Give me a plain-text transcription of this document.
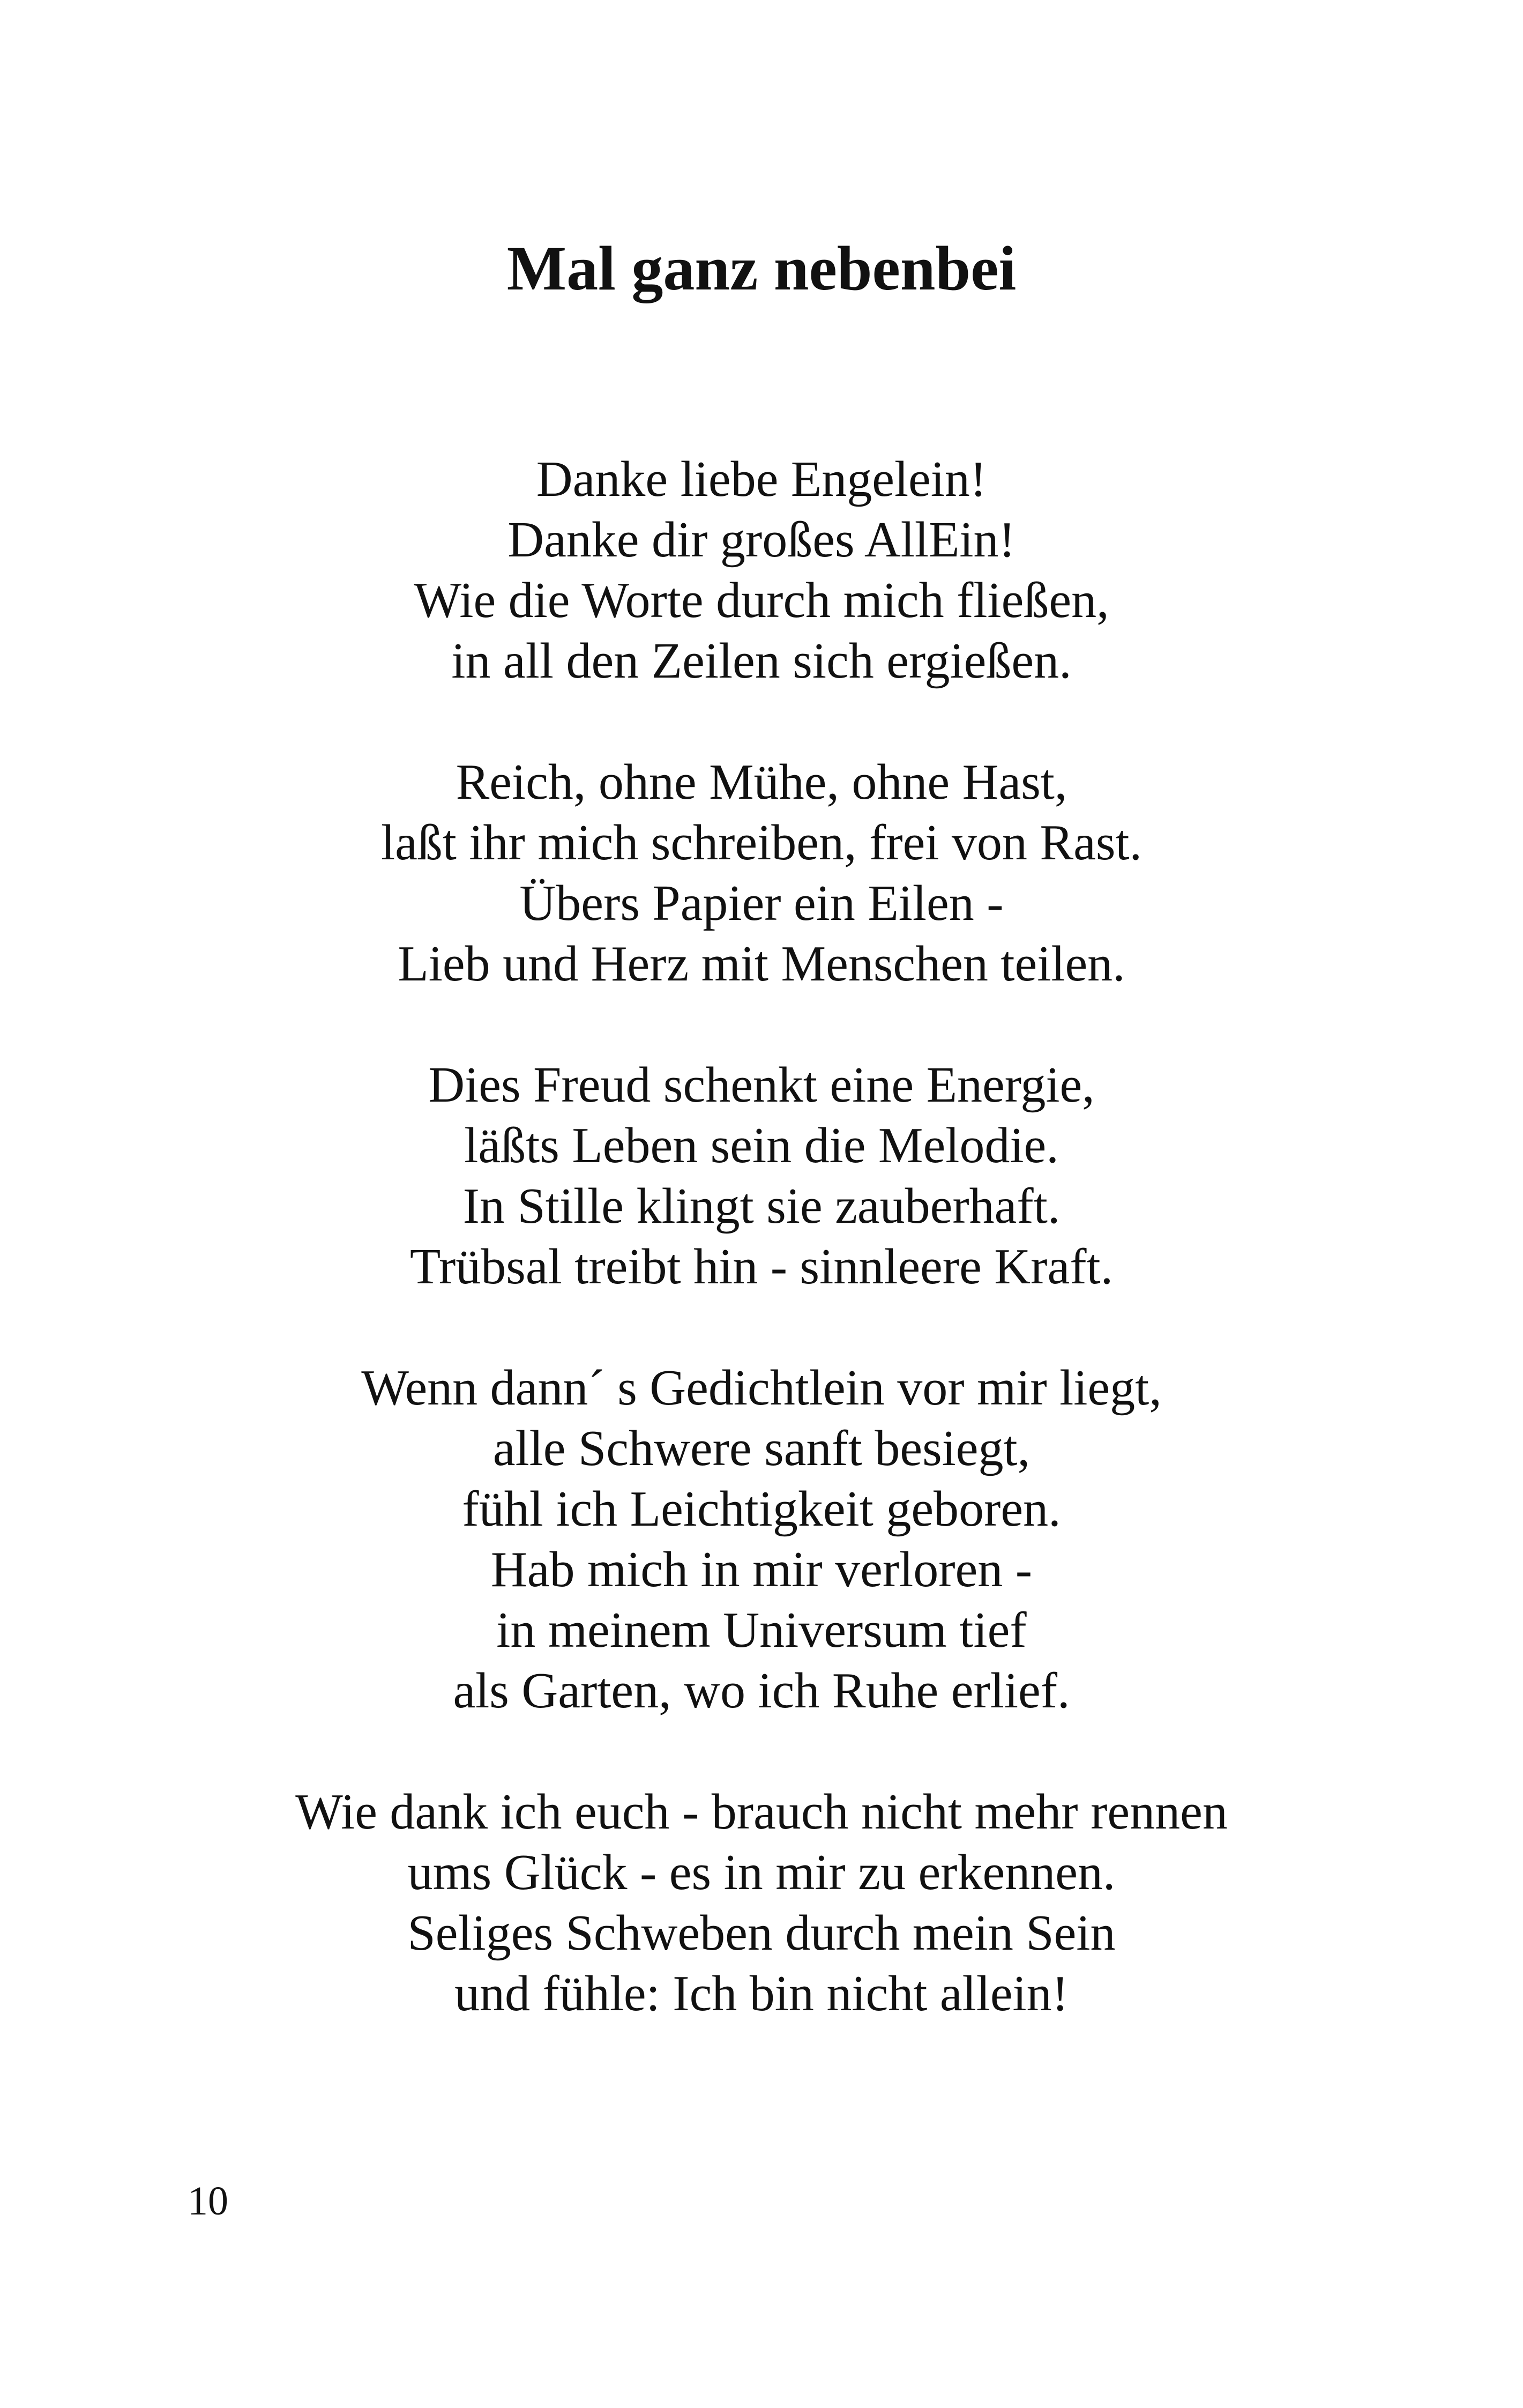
Mal ganz nebenbei
Danke liebe Engelein!
Danke dir großes AllEin!
Wie die Worte durch mich fließen,
in all den Zeilen sich ergießen.
Reich, ohne Mühe, ohne Hast,
laßt ihr mich schreiben, frei von Rast.
Übers Papier ein Eilen -
Lieb und Herz mit Menschen teilen.
Dies Freud schenkt eine Energie,
läßts Leben sein die Melodie.
In Stille klingt sie zauberhaft.
Trübsal treibt hin - sinnleere Kraft.
Wenn dann´ s Gedichtlein vor mir liegt,
alle Schwere sanft besiegt,
fühl ich Leichtigkeit geboren.
Hab mich in mir verloren -
in meinem Universum tief
als Garten, wo ich Ruhe erlief.
Wie dank ich euch - brauch nicht mehr rennen
ums Glück - es in mir zu erkennen.
Seliges Schweben durch mein Sein
und fühle: Ich bin nicht allein!
10
